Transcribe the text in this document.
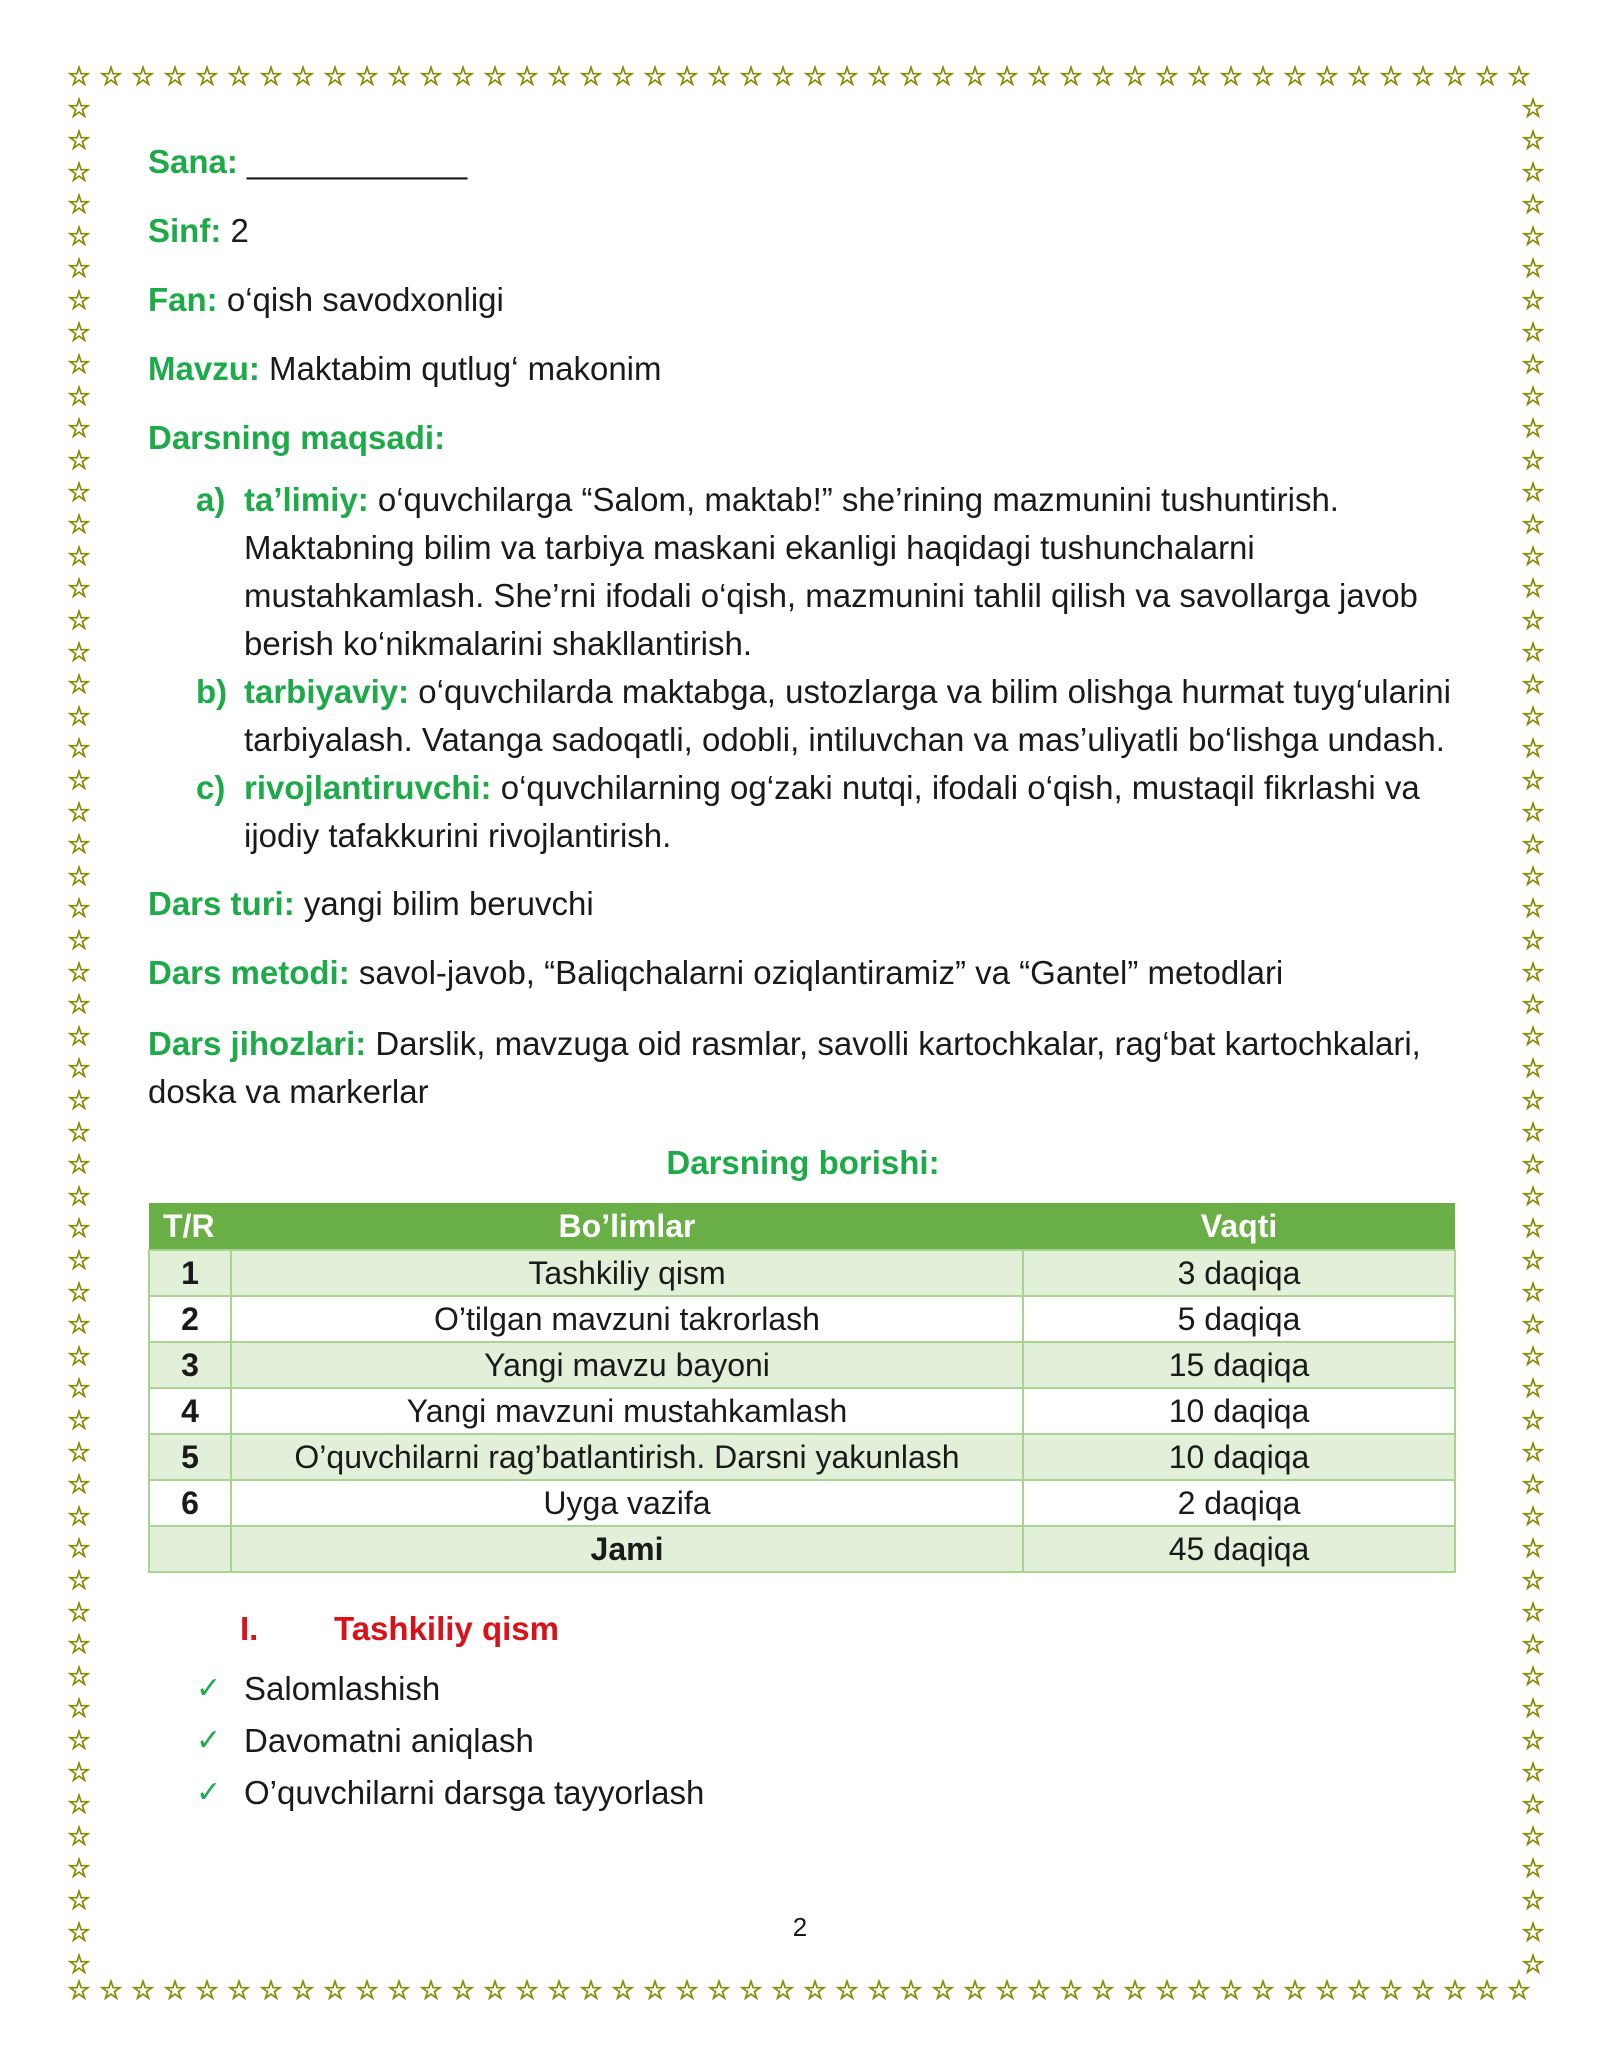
☆
☆
☆
☆
☆
☆
☆
☆
☆
☆
☆
☆
☆
☆
☆
☆
☆
☆
☆
☆
☆
☆
☆
☆
☆
☆
☆
☆
☆
☆
☆
☆
☆
☆
☆
☆
☆
☆
☆
☆
☆
☆
☆
☆
☆
☆
☆
☆
☆
☆
☆
☆
☆
☆
☆
☆
☆
☆
☆
☆
☆
☆
☆
☆
☆
☆
☆
☆
☆
☆
☆
☆
☆
☆
☆
☆
☆
☆
☆
☆
☆
☆
☆
☆
☆
☆
☆
☆
☆
☆
☆
☆
☆	☆
☆	☆
☆	☆
☆	☆
☆	☆
☆	☆
☆	☆
☆	☆
☆	☆
☆	☆
☆	☆
☆	☆
☆	☆
☆	☆
☆	☆
☆	☆
☆	☆
☆	☆
☆	☆
☆	☆
☆	☆
☆	☆
☆	☆
☆	☆
☆	☆
☆	☆
☆	☆
☆	☆
☆	☆
☆	☆
☆	☆
☆	☆
☆	☆
☆	☆
☆	☆
☆	☆
☆	☆
☆	☆
☆	☆
☆	☆
☆	☆
☆	☆
☆	☆
☆	☆
☆	☆
☆	☆
☆	☆
☆	☆
☆	☆
☆	☆
☆	☆
☆	☆
☆	☆
☆	☆
☆	☆
☆	☆
☆	☆
☆	☆
☆	☆
Sana: ____________
Sinf: 2
Fan: o‘qish savodxonligi
Mavzu: Maktabim qutlug‘ makonim
Darsning maqsadi:
a) ta’limiy: o‘quvchilarga “Salom, maktab!” she’rining mazmunini tushuntirish. Maktabning bilim va tarbiya maskani ekanligi haqidagi tushunchalarni mustahkamlash. She’rni ifodali o‘qish, mazmunini tahlil qilish va savollarga javob berish ko‘nikmalarini shakllantirish.
b) tarbiyaviy: o‘quvchilarda maktabga, ustozlarga va bilim olishga hurmat tuyg‘ularini tarbiyalash. Vatanga sadoqatli, odobli, intiluvchan va mas’uliyatli bo‘lishga undash.
c) rivojlantiruvchi: o‘quvchilarning og‘zaki nutqi, ifodali o‘qish, mustaqil fikrlashi va ijodiy tafakkurini rivojlantirish.
Dars turi: yangi bilim beruvchi
Dars metodi: savol-javob, “Baliqchalarni oziqlantiramiz” va “Gantel” metodlari
Dars jihozlari: Darslik, mavzuga oid rasmlar, savolli kartochkalar, rag‘bat kartochkalari, doska va markerlar
Darsning borishi:
T/R	Bo’limlar	Vaqti
1	Tashkiliy qism	3 daqiqa
2	O’tilgan mavzuni takrorlash	5 daqiqa
3	Yangi mavzu bayoni	15 daqiqa
4	Yangi mavzuni mustahkamlash	10 daqiqa
5	O’quvchilarni rag’batlantirish. Darsni yakunlash	10 daqiqa
6	Uyga vazifa	2 daqiqa
	Jami	45 daqiqa
I.	Tashkiliy qism
✓ Salomlashish
✓ Davomatni aniqlash
✓ O’quvchilarni darsga tayyorlash
2
